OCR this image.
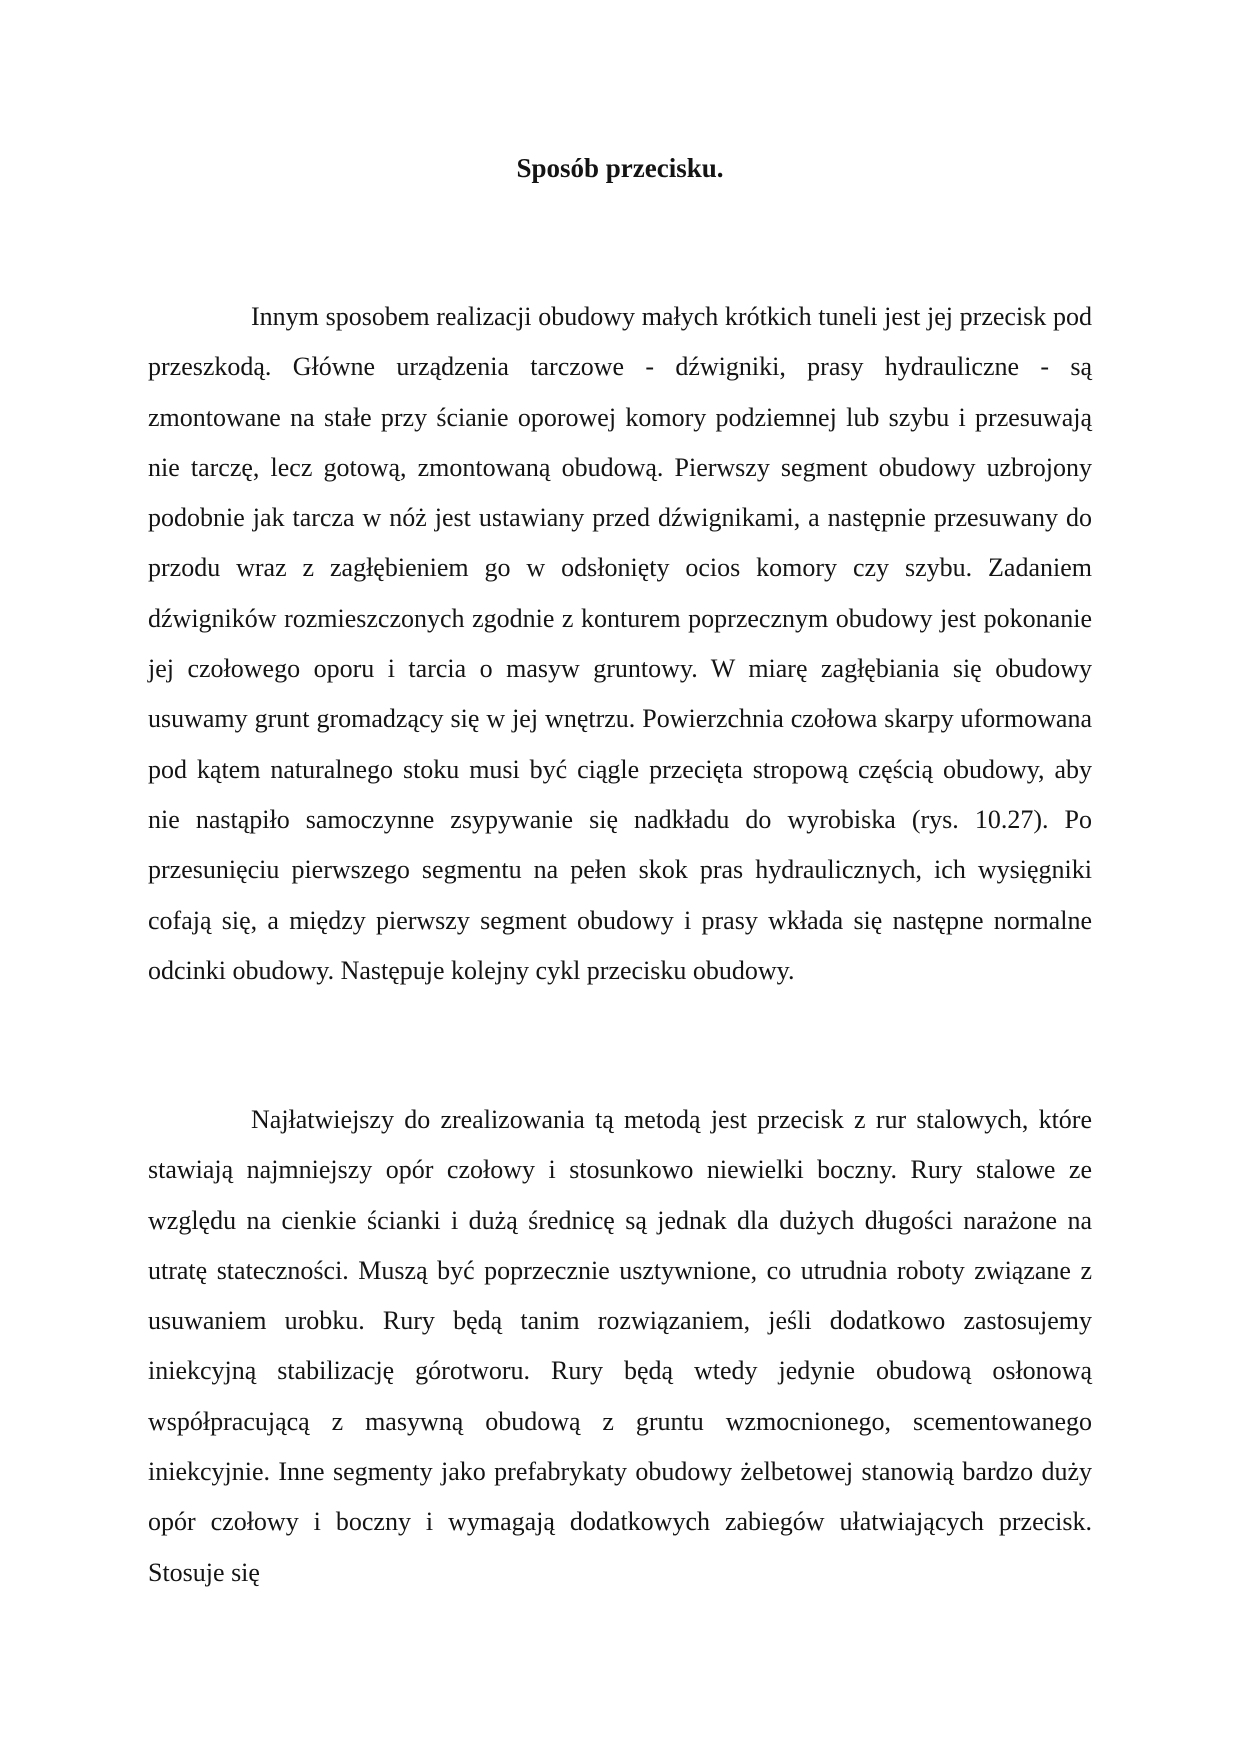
Sposób przecisku.

Innym sposobem realizacji obudowy małych krótkich tuneli jest jej przecisk pod przeszkodą. Główne urządzenia tarczowe - dźwigniki, prasy hydrauliczne - są zmontowane na stałe przy ścianie oporowej komory podziemnej lub szybu i przesuwają nie tarczę, lecz gotową, zmontowaną obudową. Pierwszy segment obudowy uzbrojony podobnie jak tarcza w nóż jest ustawiany przed dźwignikami, a następnie przesuwany do przodu wraz z zagłębieniem go w odsłonięty ocios komory czy szybu. Zadaniem dźwigników rozmieszczonych zgodnie z konturem poprzecznym obudowy jest pokonanie jej czołowego oporu i tarcia o masyw gruntowy. W miarę zagłębiania się obudowy usuwamy grunt gromadzący się w jej wnętrzu. Powierzchnia czołowa skarpy uformowana pod kątem naturalnego stoku musi być ciągle przecięta stropową częścią obudowy, aby nie nastąpiło samoczynne zsypywanie się nadkładu do wyrobiska (rys. 10.27). Po przesunięciu pierwszego segmentu na pełen skok pras hydraulicznych, ich wysięgniki cofają się, a między pierwszy segment obudowy i prasy wkłada się następne normalne odcinki obudowy. Następuje kolejny cykl przecisku obudowy.

Najłatwiejszy do zrealizowania tą metodą jest przecisk z rur stalowych, które stawiają najmniejszy opór czołowy i stosunkowo niewielki boczny. Rury stalowe ze względu na cienkie ścianki i dużą średnicę są jednak dla dużych długości narażone na utratę stateczności. Muszą być poprzecznie usztywnione, co utrudnia roboty związane z usuwaniem urobku. Rury będą tanim rozwiązaniem, jeśli dodatkowo zastosujemy iniekcyjną stabilizację górotworu. Rury będą wtedy jedynie obudową osłonową współpracującą z masywną obudową z gruntu wzmocnionego, scementowanego iniekcyjnie. Inne segmenty jako prefabrykaty obudowy żelbetowej stanowią bardzo duży opór czołowy i boczny i wymagają dodatkowych zabiegów ułatwiających przecisk. Stosuje się
